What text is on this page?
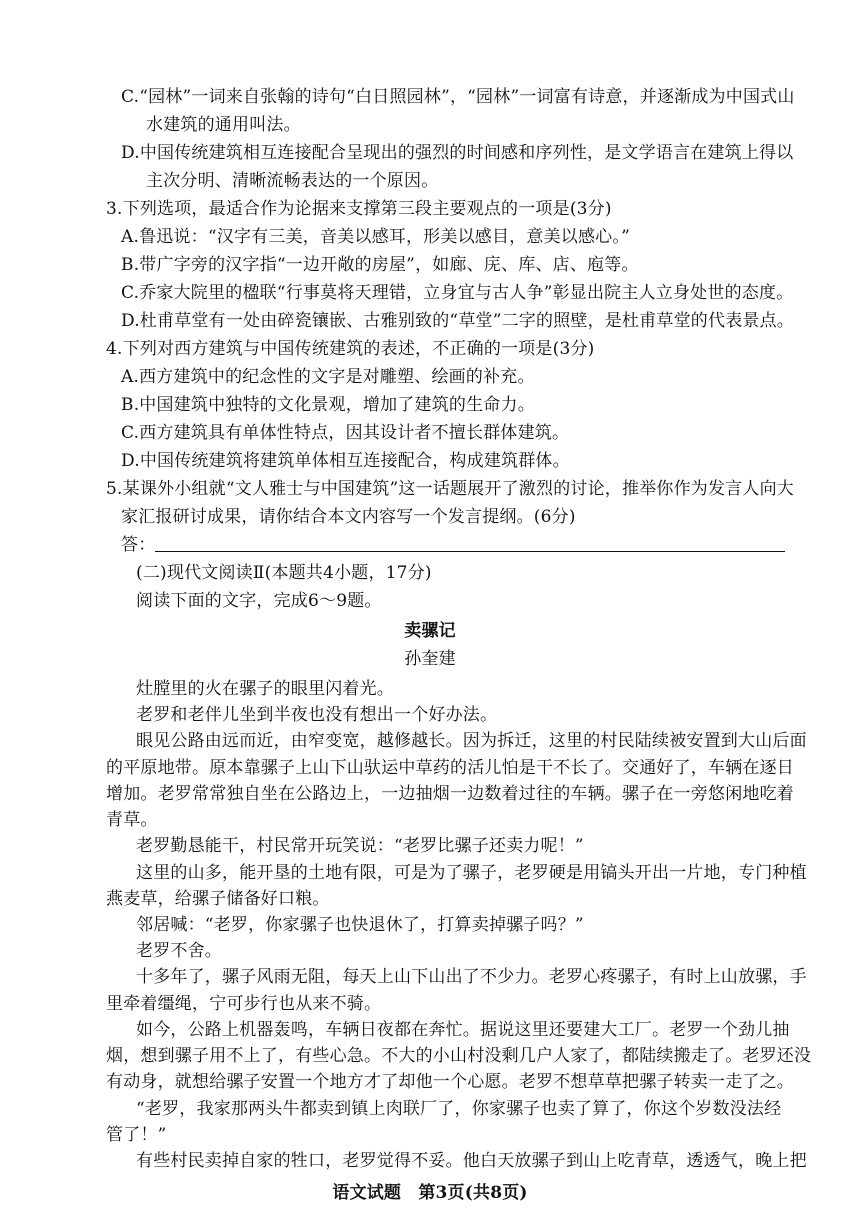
C.“园林”一词来自张翰的诗句“白日照园林”，“园林”一词富有诗意，并逐渐成为中国式山
水建筑的通用叫法。
D.中国传统建筑相互连接配合呈现出的强烈的时间感和序列性，是文学语言在建筑上得以
主次分明、清晰流畅表达的一个原因。
3.下列选项，最适合作为论据来支撑第三段主要观点的一项是(3分)
A.鲁迅说：“汉字有三美，音美以感耳，形美以感目，意美以感心。”
B.带广字旁的汉字指“一边开敞的房屋”，如廊、庑、库、店、庖等。
C.乔家大院里的楹联“行事莫将天理错，立身宜与古人争”彰显出院主人立身处世的态度。
D.杜甫草堂有一处由碎瓷镶嵌、古雅别致的“草堂”二字的照壁，是杜甫草堂的代表景点。
4.下列对西方建筑与中国传统建筑的表述，不正确的一项是(3分)
A.西方建筑中的纪念性的文字是对雕塑、绘画的补充。
B.中国建筑中独特的文化景观，增加了建筑的生命力。
C.西方建筑具有单体性特点，因其设计者不擅长群体建筑。
D.中国传统建筑将建筑单体相互连接配合，构成建筑群体。
5.某课外小组就“文人雅士与中国建筑”这一话题展开了激烈的讨论，推举你作为发言人向大
家汇报研讨成果，请你结合本文内容写一个发言提纲。(6分)
答：
(二)现代文阅读Ⅱ(本题共4小题，17分)
阅读下面的文字，完成6～9题。
卖骡记
孙奎建
灶膛里的火在骡子的眼里闪着光。
老罗和老伴儿坐到半夜也没有想出一个好办法。
眼见公路由远而近，由窄变宽，越修越长。因为拆迁，这里的村民陆续被安置到大山后面
的平原地带。原本靠骡子上山下山驮运中草药的活儿怕是干不长了。交通好了，车辆在逐日
增加。老罗常常独自坐在公路边上，一边抽烟一边数着过往的车辆。骡子在一旁悠闲地吃着
青草。
老罗勤恳能干，村民常开玩笑说：“老罗比骡子还卖力呢！”
这里的山多，能开垦的土地有限，可是为了骡子，老罗硬是用镐头开出一片地，专门种植
燕麦草，给骡子储备好口粮。
邻居喊：“老罗，你家骡子也快退休了，打算卖掉骡子吗？”
老罗不舍。
十多年了，骡子风雨无阻，每天上山下山出了不少力。老罗心疼骡子，有时上山放骡，手
里牵着缰绳，宁可步行也从来不骑。
如今，公路上机器轰鸣，车辆日夜都在奔忙。据说这里还要建大工厂。老罗一个劲儿抽
烟，想到骡子用不上了，有些心急。不大的小山村没剩几户人家了，都陆续搬走了。老罗还没
有动身，就想给骡子安置一个地方才了却他一个心愿。老罗不想草草把骡子转卖一走了之。
“老罗，我家那两头牛都卖到镇上肉联厂了，你家骡子也卖了算了，你这个岁数没法经
管了！”
有些村民卖掉自家的牲口，老罗觉得不妥。他白天放骡子到山上吃青草，透透气，晚上把
语文试题　第3页(共8页)
